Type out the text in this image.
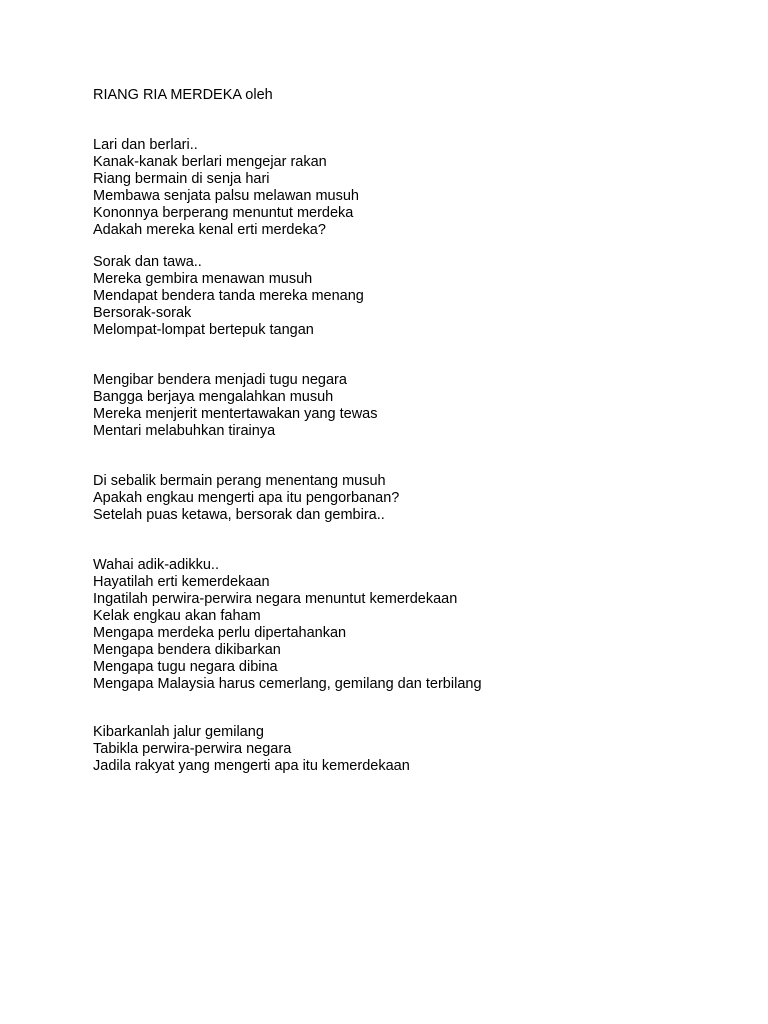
RIANG RIA MERDEKA oleh
Lari dan berlari..
Kanak-kanak berlari mengejar rakan
Riang bermain di senja hari
Membawa senjata palsu melawan musuh
Kononnya berperang menuntut merdeka
Adakah mereka kenal erti merdeka?
Sorak dan tawa..
Mereka gembira menawan musuh
Mendapat bendera tanda mereka menang
Bersorak-sorak
Melompat-lompat bertepuk tangan
Mengibar bendera menjadi tugu negara
Bangga berjaya mengalahkan musuh
Mereka menjerit mentertawakan yang tewas
Mentari melabuhkan tirainya
Di sebalik bermain perang menentang musuh
Apakah engkau mengerti apa itu pengorbanan?
Setelah puas ketawa, bersorak dan gembira..
Wahai adik-adikku..
Hayatilah erti kemerdekaan
Ingatilah perwira-perwira negara menuntut kemerdekaan
Kelak engkau akan faham
Mengapa merdeka perlu dipertahankan
Mengapa bendera dikibarkan
Mengapa tugu negara dibina
Mengapa Malaysia harus cemerlang, gemilang dan terbilang
Kibarkanlah jalur gemilang
Tabikla perwira-perwira negara
Jadila rakyat yang mengerti apa itu kemerdekaan
